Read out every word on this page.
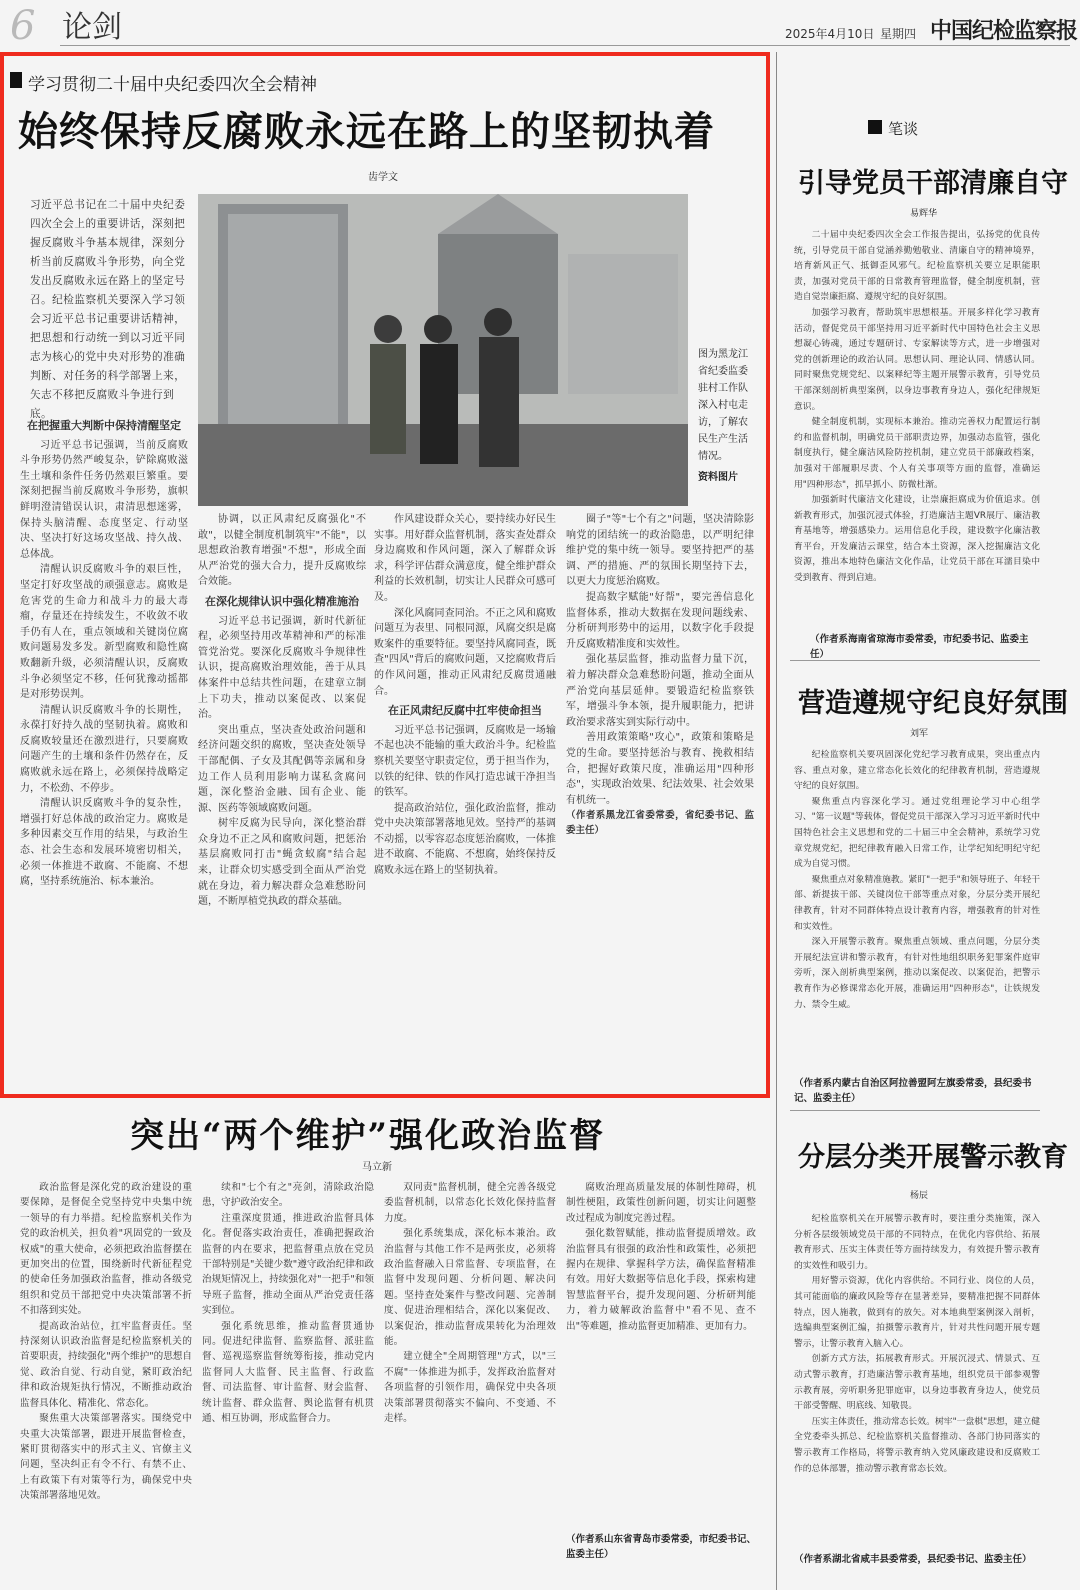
6 论剑	2025年4月10日 星期四 中国纪检监察报
学习贯彻二十届中央纪委四次全会精神
始终保持反腐败永远在路上的坚韧执着
齿学文
习近平总书记在二十届中央纪委四次全会上的重要讲话，深刻把握反腐败斗争基本规律，深刻分析当前反腐败斗争形势，向全党发出反腐败永远在路上的坚定号召。纪检监察机关要深入学习领会习近平总书记重要讲话精神，把思想和行动统一到以习近平同志为核心的党中央对形势的准确判断、对任务的科学部署上来，矢志不移把反腐败斗争进行到底。
图为黑龙江省纪委监委驻村工作队深入村屯走访，了解农民生产生活情况。
资料图片
在把握重大判断中保持清醒坚定

习近平总书记强调，当前反腐败斗争形势仍然严峻复杂，铲除腐败滋生土壤和条件任务仍然艰巨繁重。要深刻把握当前反腐败斗争形势，旗帜鲜明澄清错误认识，肃清思想迷雾，保持头脑清醒、态度坚定、行动坚决、坚决打好这场攻坚战、持久战、总体战。

清醒认识反腐败斗争的艰巨性，坚定打好攻坚战的顽强意志。腐败是危害党的生命力和战斗力的最大毒瘤，存量还在持续发生，不收敛不收手仍有人在，重点领域和关键岗位腐败问题易发多发。新型腐败和隐性腐败翻新升级，必须清醒认识，反腐败斗争必须坚定不移，任何犹豫动摇都是对形势误判。

清醒认识反腐败斗争的长期性，永葆打好持久战的坚韧执着。腐败和反腐败较量还在激烈进行，只要腐败问题产生的土壤和条件仍然存在，反腐败就永远在路上，必须保持战略定力，不松劲、不停步。

清醒认识反腐败斗争的复杂性，增强打好总体战的政治定力。腐败是多种因素交互作用的结果，与政治生态、社会生态和发展环境密切相关，必须一体推进不敢腐、不能腐、不想腐，坚持系统施治、标本兼治。

协调，以正风肃纪反腐强化"不敢"，以健全制度机制筑牢"不能"，以思想政治教育增强"不想"，形成全面从严治党的强大合力，提升反腐败综合效能。

在深化规律认识中强化精准施治

习近平总书记强调，新时代新征程，必须坚持用改革精神和严的标准管党治党。要深化反腐败斗争规律性认识，提高腐败治理效能，善于从具体案件中总结共性问题，在建章立制上下功夫，推动以案促改、以案促治。

突出重点，坚决查处政治问题和经济问题交织的腐败，坚决查处领导干部配偶、子女及其配偶等亲属和身边工作人员利用影响力谋私贪腐问题，深化整治金融、国有企业、能源、医药等领域腐败问题。

树牢反腐为民导向，深化整治群众身边不正之风和腐败问题，把惩治基层腐败同打击"蝇贪蚁腐"结合起来，让群众切实感受到全面从严治党就在身边，着力解决群众急难愁盼问题，不断厚植党执政的群众基础。

作风建设群众关心，要持续办好民生实事。用好群众监督机制，落实查处群众身边腐败和作风问题，深入了解群众诉求，科学评估群众满意度，健全维护群众利益的长效机制，切实让人民群众可感可及。

深化风腐同查同治。不正之风和腐败问题互为表里、同根同源，风腐交织是腐败案件的重要特征。要坚持风腐同查，既查"四风"背后的腐败问题，又挖腐败背后的作风问题，推动正风肃纪反腐贯通融合。

在正风肃纪反腐中扛牢使命担当

习近平总书记强调，反腐败是一场输不起也决不能输的重大政治斗争。纪检监察机关要坚守职责定位，勇于担当作为，以铁的纪律、铁的作风打造忠诚干净担当的铁军。

提高政治站位，强化政治监督，推动党中央决策部署落地见效。坚持严的基调不动摇，以零容忍态度惩治腐败，一体推进不敢腐、不能腐、不想腐，始终保持反腐败永远在路上的坚韧执着。

圈子"等"七个有之"问题，坚决清除影响党的团结统一的政治隐患，以严明纪律维护党的集中统一领导。要坚持把严的基调、严的措施、严的氛围长期坚持下去，以更大力度惩治腐败。

提高数字赋能"好帮"，要完善信息化监督体系，推动大数据在发现问题线索、分析研判形势中的运用，以数字化手段提升反腐败精准度和实效性。

强化基层监督，推动监督力量下沉，着力解决群众急难愁盼问题，推动全面从严治党向基层延伸。要锻造纪检监察铁军，增强斗争本领，提升履职能力，把讲政治要求落实到实际行动中。

善用政策策略"攻心"，政策和策略是党的生命。要坚持惩治与教育、挽救相结合，把握好政策尺度，准确运用"四种形态"，实现政治效果、纪法效果、社会效果有机统一。

（作者系黑龙江省委常委，省纪委书记、监委主任）
笔谈
引导党员干部清廉自守
易辉华

二十届中央纪委四次全会工作报告提出，弘扬党的优良传统，引导党员干部自觉涵养勤勉敬业、清廉自守的精神境界，培育新风正气、抵御歪风邪气。纪检监察机关要立足职能职责，加强对党员干部的日常教育管理监督，健全制度机制，营造自觉崇廉拒腐、遵规守纪的良好氛围。

加强学习教育，帮助筑牢思想根基。开展多样化学习教育活动，督促党员干部坚持用习近平新时代中国特色社会主义思想凝心铸魂，通过专题研讨、专家解读等方式，进一步增强对党的创新理论的政治认同。思想认同、理论认同、情感认同。同时聚焦党规党纪、以案释纪等主题开展警示教育，引导党员干部深刻剖析典型案例，以身边事教育身边人，强化纪律规矩意识。

健全制度机制，实现标本兼治。推动完善权力配置运行制约和监督机制，明确党员干部职责边界，加强动态监管，强化制度执行，健全廉洁风险防控机制，建立党员干部廉政档案，加强对干部履职尽责、个人有关事项等方面的监督，准确运用"四种形态"，抓早抓小、防微杜渐。

加强新时代廉洁文化建设，让崇廉拒腐成为价值追求。创新教育形式，加强沉浸式体验，打造廉洁主题VR展厅、廉洁教育基地等，增强感染力。运用信息化手段，建设数字化廉洁教育平台，开发廉洁云课堂，结合本土资源，深入挖掘廉洁文化资源，推出本地特色廉洁文化作品，让党员干部在耳濡目染中受到教育、得到启迪。

（作者系海南省琼海市委常委，市纪委书记、监委主任）
营造遵规守纪良好氛围
刘军

纪检监察机关要巩固深化党纪学习教育成果，突出重点内容、重点对象，建立常态化长效化的纪律教育机制，营造遵规守纪的良好氛围。

聚焦重点内容深化学习。通过党组理论学习中心组学习、"第一议题"等载体，督促党员干部深入学习习近平新时代中国特色社会主义思想和党的二十届三中全会精神，系统学习党章党规党纪，把纪律教育融入日常工作，让学纪知纪明纪守纪成为自觉习惯。

聚焦重点对象精准施教。紧盯"一把手"和领导班子、年轻干部、新提拔干部、关键岗位干部等重点对象，分层分类开展纪律教育，针对不同群体特点设计教育内容，增强教育的针对性和实效性。

深入开展警示教育。聚焦重点领域、重点问题，分层分类开展纪法宣讲和警示教育，有针对性地组织职务犯罪案件庭审旁听，深入剖析典型案例，推动以案促改、以案促治，把警示教育作为必修课常态化开展，准确运用"四种形态"，让铁规发力、禁令生威。

（作者系内蒙古自治区阿拉善盟阿左旗委常委，县纪委书记、监委主任）
分层分类开展警示教育
杨辰

纪检监察机关在开展警示教育时，要注重分类施策，深入分析各层级领域党员干部的不同特点，在优化内容供给、拓展教育形式、压实主体责任等方面持续发力，有效提升警示教育的实效性和吸引力。

用好警示资源，优化内容供给。不同行业、岗位的人员，其可能面临的廉政风险等存在显著差异，要精准把握不同群体特点，因人施教，做到有的放矢。对本地典型案例深入剖析，选编典型案例汇编，拍摄警示教育片，针对共性问题开展专题警示，让警示教育入脑入心。

创新方式方法，拓展教育形式。开展沉浸式、情景式、互动式警示教育，打造廉洁警示教育基地，组织党员干部参观警示教育展，旁听职务犯罪庭审，以身边事教育身边人，使党员干部受警醒、明底线、知敬畏。

压实主体责任，推动常态长效。树牢"一盘棋"思想，建立健全党委牵头抓总、纪检监察机关监督推动、各部门协同落实的警示教育工作格局，将警示教育纳入党风廉政建设和反腐败工作的总体部署，推动警示教育常态长效。

（作者系湖北省咸丰县委常委，县纪委书记、监委主任）
突出“两个维护”强化政治监督
马立新

政治监督是深化党的政治建设的重要保障，是督促全党坚持党中央集中统一领导的有力举措。纪检监察机关作为党的政治机关，担负着"巩固党的一致及权威"的重大使命，必须把政治监督摆在更加突出的位置，围绕新时代新征程党的使命任务加强政治监督，推动各级党组织和党员干部把党中央决策部署不折不扣落到实处。

提高政治站位，扛牢监督责任。坚持深刻认识政治监督是纪检监察机关的首要职责，持续强化"两个维护"的思想自觉、政治自觉、行动自觉，紧盯政治纪律和政治规矩执行情况，不断推动政治监督具体化、精准化、常态化。

聚焦重大决策部署落实。围绕党中央重大决策部署，跟进开展监督检查，紧盯贯彻落实中的形式主义、官僚主义问题，坚决纠正有令不行、有禁不止、上有政策下有对策等行为，确保党中央决策部署落地见效。

续和"七个有之"亮剑，清除政治隐患，守护政治安全。

注重深度贯通，推进政治监督具体化。督促落实政治责任，准确把握政治监督的内在要求，把监督重点放在党员干部特别是"关键少数"遵守政治纪律和政治规矩情况上，持续强化对"一把手"和领导班子监督，推动全面从严治党责任落实到位。

强化系统思维，推动监督贯通协同。促进纪律监督、监察监督、派驻监督、巡视巡察监督统筹衔接，推动党内监督同人大监督、民主监督、行政监督、司法监督、审计监督、财会监督、统计监督、群众监督、舆论监督有机贯通、相互协调，形成监督合力。

双同责"监督机制，健全完善各级党委监督机制，以常态化长效化保持监督力度。

强化系统集成，深化标本兼治。政治监督与其他工作不是两张皮，必须将政治监督融入日常监督、专项监督，在监督中发现问题、分析问题、解决问题。坚持查处案件与整改问题、完善制度、促进治理相结合，深化以案促改、以案促治，推动监督成果转化为治理效能。

建立健全"全周期管理"方式，以"三不腐"一体推进为抓手，发挥政治监督对各项监督的引领作用，确保党中央各项决策部署贯彻落实不偏向、不变通、不走样。

腐败治理高质量发展的体制性障碍，机制性梗阻，政策性创新问题，切实让问题整改过程成为制度完善过程。

强化数智赋能，推动监督提质增效。政治监督具有很强的政治性和政策性，必须把握内在规律、掌握科学方法，确保监督精准有效。用好大数据等信息化手段，探索构建智慧监督平台，提升发现问题、分析研判能力，着力破解政治监督中"看不见、查不出"等难题，推动监督更加精准、更加有力。

（作者系山东省青岛市委常委，市纪委书记、监委主任）
